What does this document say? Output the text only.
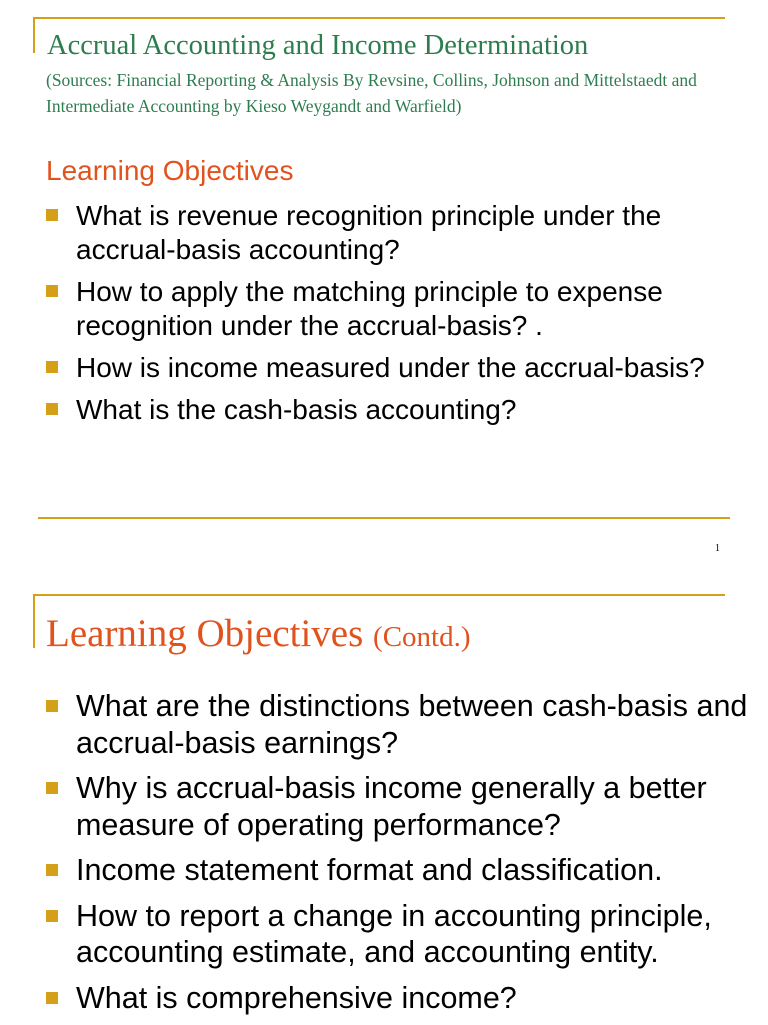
Accrual Accounting and Income Determination

(Sources: Financial Reporting & Analysis By Revsine, Collins, Johnson and Mittelstaedt and Intermediate Accounting by Kieso Weygandt and Warfield)

Learning Objectives
What is revenue recognition principle under the accrual-basis accounting?
How to apply the matching principle to expense recognition under the accrual-basis? .
How is income measured under the accrual-basis?
What is the cash-basis accounting?
1
Learning Objectives (Contd.)
What are the distinctions between cash-basis and accrual-basis earnings?
Why is accrual-basis income generally a better measure of operating performance?
Income statement format and classification.
How to report a change in accounting principle, accounting estimate, and accounting entity.
What is comprehensive income?
